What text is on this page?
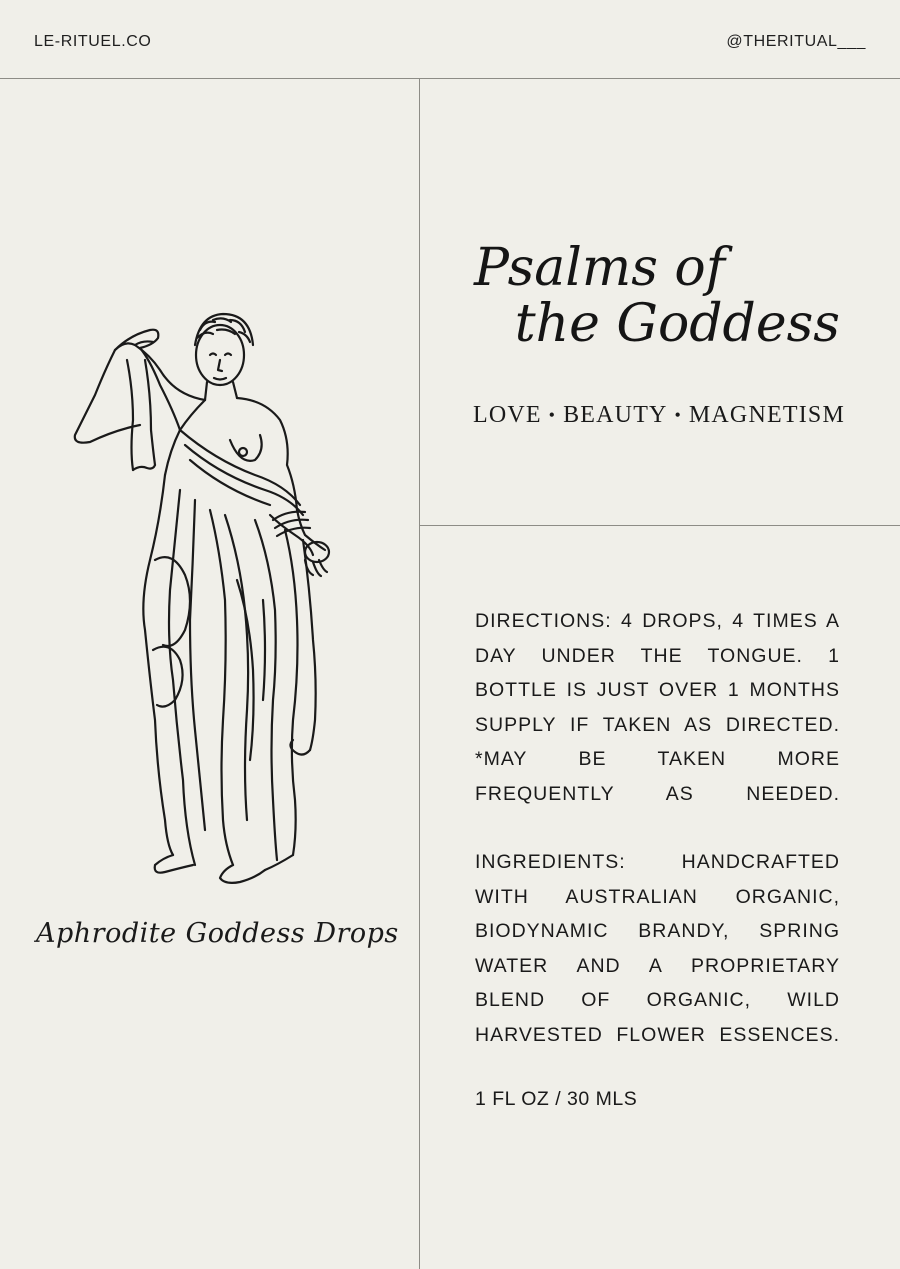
LE-RITUEL.CO	@THERITUAL___
Aphrodite Goddess Drops
Psalms of
the Goddess
LOVE • BEAUTY • MAGNETISM

DIRECTIONS: 4 DROPS, 4 TIMES A DAY UNDER THE TONGUE. 1 BOTTLE IS JUST OVER 1 MONTHS SUPPLY IF TAKEN AS DIRECTED. *MAY BE TAKEN MORE FREQUENTLY AS NEEDED.

INGREDIENTS: HANDCRAFTED WITH AUSTRALIAN ORGANIC, BIODYNAMIC BRANDY, SPRING WATER AND A PROPRIETARY BLEND OF ORGANIC, WILD HARVESTED FLOWER ESSENCES.

1 FL OZ / 30 MLS
